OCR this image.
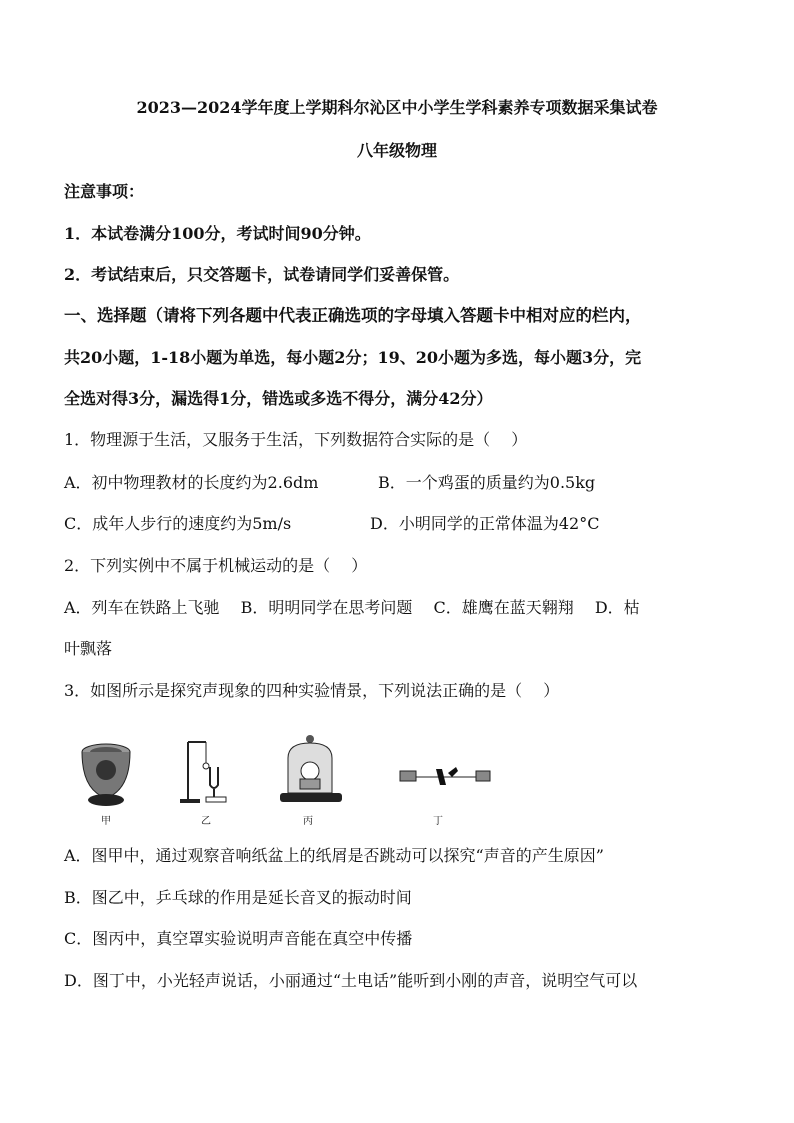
2023—2024学年度上学期科尔沁区中小学生学科素养专项数据采集试卷
八年级物理
注意事项：
1．本试卷满分100分，考试时间90分钟。
2．考试结束后，只交答题卡，试卷请同学们妥善保管。
一、选择题（请将下列各题中代表正确选项的字母填入答题卡中相对应的栏内，
共20小题，1-18小题为单选，每小题2分；19、20小题为多选，每小题3分，完
全选对得3分，漏选得1分，错选或多选不得分，满分42分）
1．物理源于生活，又服务于生活，下列数据符合实际的是（　 ）
A．初中物理教材的长度约为2.6dm	B．一个鸡蛋的质量约为0.5kg
C．成年人步行的速度约为5m/s	D．小明同学的正常体温为42°C
2．下列实例中不属于机械运动的是（　 ）
A．列车在铁路上飞驰　 B．明明同学在思考问题　 C．雄鹰在蓝天翱翔　 D．枯
叶飘落
3．如图所示是探究声现象的四种实验情景，下列说法正确的是（　 ）
甲	乙	丙	丁
A．图甲中，通过观察音响纸盆上的纸屑是否跳动可以探究“声音的产生原因”
B．图乙中，乒乓球的作用是延长音叉的振动时间
C．图丙中，真空罩实验说明声音能在真空中传播
D．图丁中，小光轻声说话，小丽通过“土电话”能听到小刚的声音，说明空气可以
